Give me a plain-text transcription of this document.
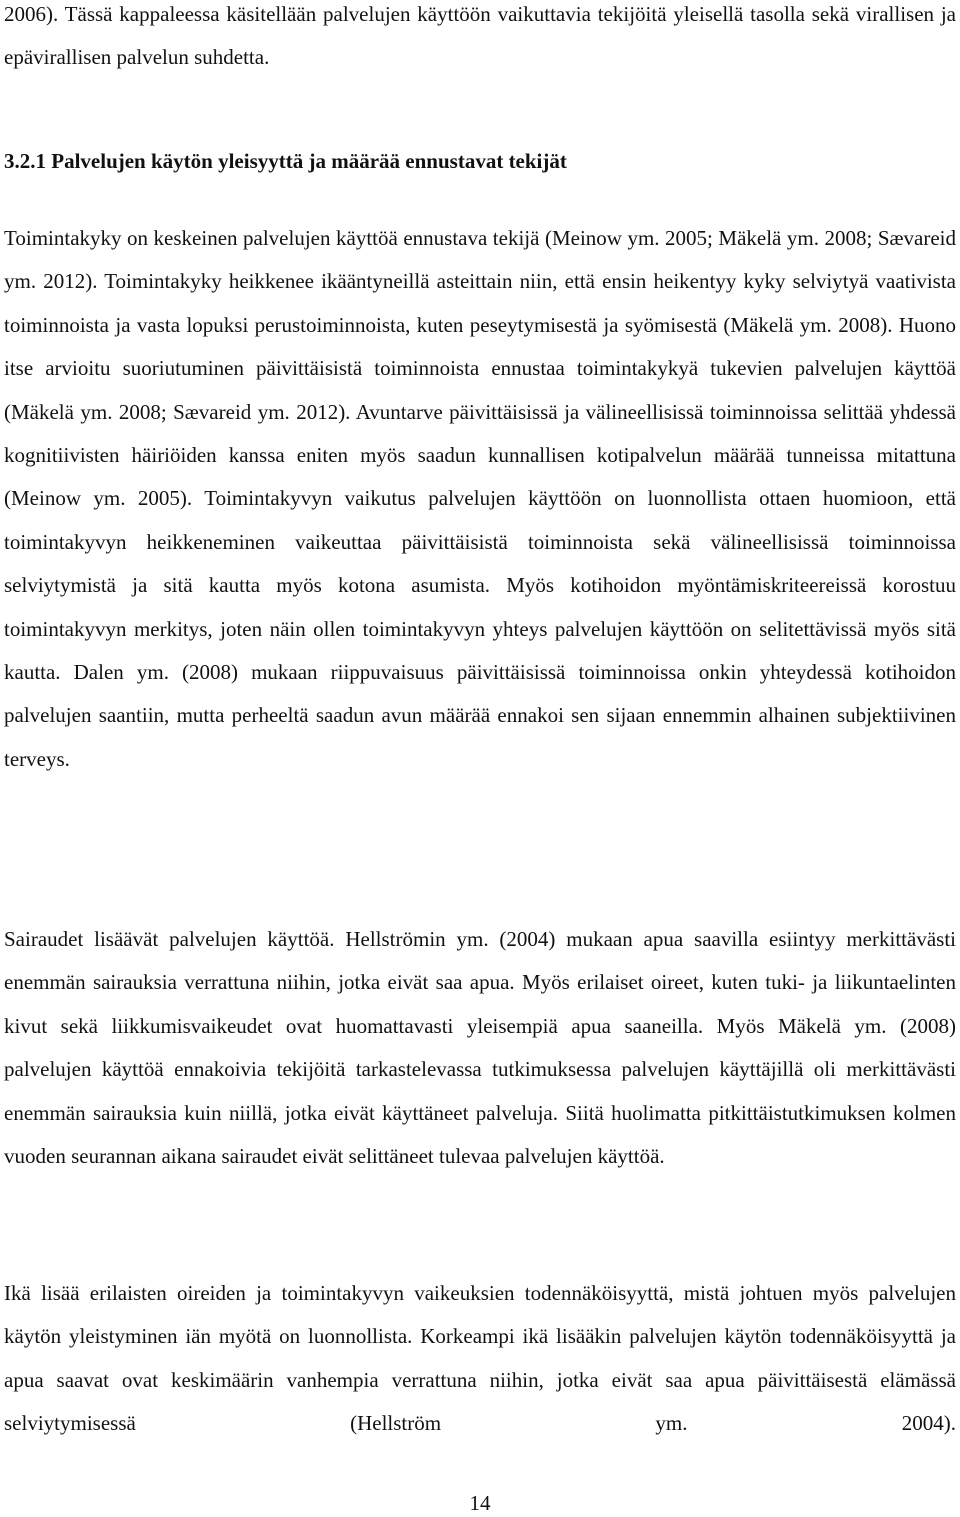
2006). Tässä kappaleessa käsitellään palvelujen käyttöön vaikuttavia tekijöitä yleisellä tasolla sekä virallisen ja epävirallisen palvelun suhdetta.

3.2.1 Palvelujen käytön yleisyyttä ja määrää ennustavat tekijät

Toimintakyky on keskeinen palvelujen käyttöä ennustava tekijä (Meinow ym. 2005; Mäkelä ym. 2008; Sævareid ym. 2012). Toimintakyky heikkenee ikääntyneillä asteittain niin, että ensin heikentyy kyky selviytyä vaativista toiminnoista ja vasta lopuksi perustoiminnoista, kuten peseytymisestä ja syömisestä (Mäkelä ym. 2008). Huono itse arvioitu suoriutuminen päivittäisistä toiminnoista ennustaa toimintakykyä tukevien palvelujen käyttöä (Mäkelä ym. 2008; Sævareid ym. 2012). Avuntarve päivittäisissä ja välineellisissä toiminnoissa selittää yhdessä kognitiivisten häiriöiden kanssa eniten myös saadun kunnallisen kotipalvelun määrää tunneissa mitattuna (Meinow ym. 2005). Toimintakyvyn vaikutus palvelujen käyttöön on luonnollista ottaen huomioon, että toimintakyvyn heikkeneminen vaikeuttaa päivittäisistä toiminnoista sekä välineellisissä toiminnoissa selviytymistä ja sitä kautta myös kotona asumista. Myös kotihoidon myöntämiskriteereissä korostuu toimintakyvyn merkitys, joten näin ollen toimintakyvyn yhteys palvelujen käyttöön on selitettävissä myös sitä kautta. Dalen ym. (2008) mukaan riippuvaisuus päivittäisissä toiminnoissa onkin yhteydessä kotihoidon palvelujen saantiin, mutta perheeltä saadun avun määrää ennakoi sen sijaan ennemmin alhainen subjektiivinen terveys.

Sairaudet lisäävät palvelujen käyttöä. Hellströmin ym. (2004) mukaan apua saavilla esiintyy merkittävästi enemmän sairauksia verrattuna niihin, jotka eivät saa apua. Myös erilaiset oireet, kuten tuki- ja liikuntaelinten kivut sekä liikkumisvaikeudet ovat huomattavasti yleisempiä apua saaneilla. Myös Mäkelä ym. (2008) palvelujen käyttöä ennakoivia tekijöitä tarkastelevassa tutkimuksessa palvelujen käyttäjillä oli merkittävästi enemmän sairauksia kuin niillä, jotka eivät käyttäneet palveluja. Siitä huolimatta pitkittäistutkimuksen kolmen vuoden seurannan aikana sairaudet eivät selittäneet tulevaa palvelujen käyttöä.

Ikä lisää erilaisten oireiden ja toimintakyvyn vaikeuksien todennäköisyyttä, mistä johtuen myös palvelujen käytön yleistyminen iän myötä on luonnollista. Korkeampi ikä lisääkin palvelujen käytön todennäköisyyttä ja apua saavat ovat keskimäärin vanhempia verrattuna niihin, jotka eivät saa apua päivittäisestä elämässä selviytymisessä (Hellström ym. 2004).

14
